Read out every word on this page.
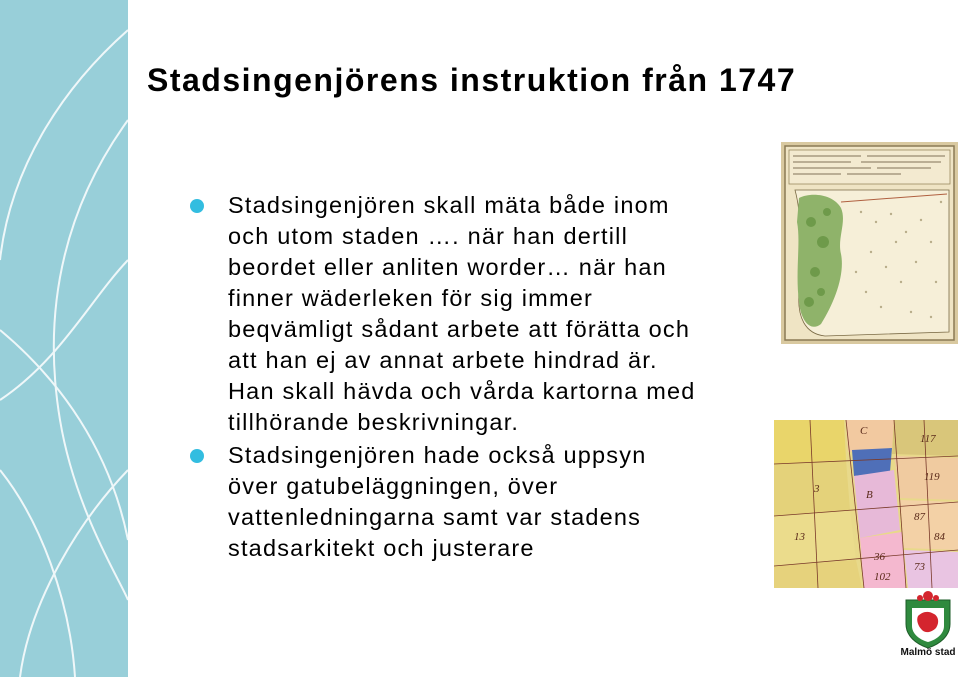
Stadsingenjörens instruktion från 1747
Stadsingenjören skall mäta både inom
och utom staden …. när han dertill
beordet eller anliten worder… när han
finner wäderleken för sig immer
beqvämligt sådant arbete att förätta och
att han ej av annat arbete hindrad är.
Han skall hävda och vårda kartorna med
tillhörande beskrivningar.
Stadsingenjören hade också uppsyn
över gatubeläggningen, över
vattenledningarna samt var stadens
stadsarkitekt och justerare
C
117
119
3	B
87
13
36
73
102
84
Malmö stad
